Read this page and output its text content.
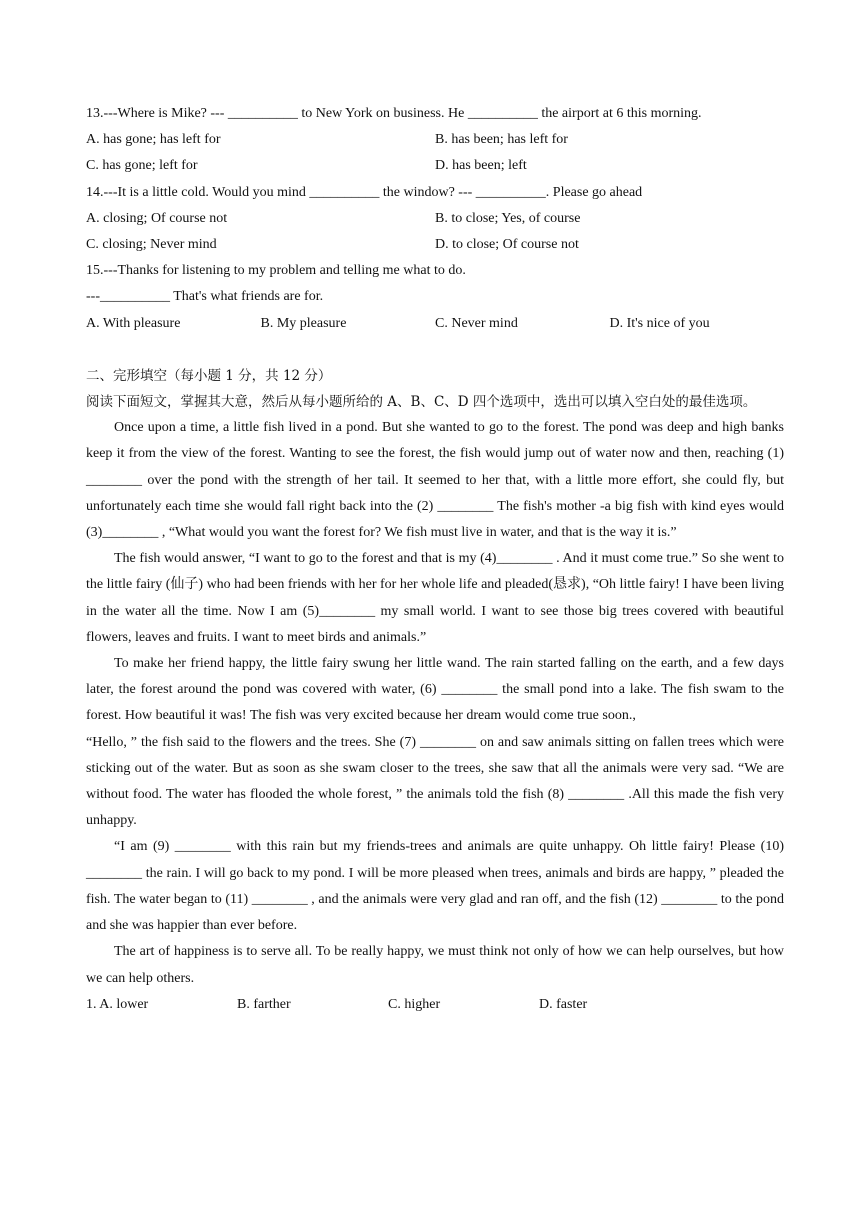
13.---Where is Mike? --- __________ to New York on business. He __________ the airport at 6 this morning.
A. has gone; has left for	B. has been; has left for
C. has gone; left for	D. has been; left
14.---It is a little cold. Would you mind __________ the window? --- __________. Please go ahead
A. closing; Of course not	B. to close; Yes, of course
C. closing; Never mind	D. to close; Of course not
15.---Thanks for listening to my problem and telling me what to do.
---__________ That's what friends are for.
A. With pleasure	B. My pleasure	C. Never mind	D. It's nice of you
二、完形填空（每小题 1 分，共 12 分）
阅读下面短文，掌握其大意，然后从每小题所给的 A、B、C、D 四个选项中，选出可以填入空白处的最佳选项。

Once upon a time, a little fish lived in a pond. But she wanted to go to the forest. The pond was deep and high banks keep it from the view of the forest. Wanting to see the forest, the fish would jump out of water now and then, reaching (1) ________ over the pond with the strength of her tail. It seemed to her that, with a little more effort, she could fly, but unfortunately each time she would fall right back into the (2) ________ The fish's mother -a big fish with kind eyes would (3)________ , “What would you want the forest for? We fish must live in water, and that is the way it is.”

The fish would answer, “I want to go to the forest and that is my (4)________ . And it must come true.” So she went to the little fairy (仙子) who had been friends with her for her whole life and pleaded(恳求), “Oh little fairy! I have been living in the water all the time. Now I am (5)________ my small world. I want to see those big trees covered with beautiful flowers, leaves and fruits. I want to meet birds and animals.”

To make her friend happy, the little fairy swung her little wand. The rain started falling on the earth, and a few days later, the forest around the pond was covered with water, (6) ________ the small pond into a lake. The fish swam to the forest. How beautiful it was! The fish was very excited because her dream would come true soon.,

“Hello, ” the fish said to the flowers and the trees. She (7) ________ on and saw animals sitting on fallen trees which were sticking out of the water. But as soon as she swam closer to the trees, she saw that all the animals were very sad. “We are without food. The water has flooded the whole forest, ” the animals told the fish (8) ________ .All this made the fish very unhappy.

“I am (9) ________ with this rain but my friends-trees and animals are quite unhappy. Oh little fairy! Please (10) ________ the rain. I will go back to my pond. I will be more pleased when trees, animals and birds are happy, ” pleaded the fish. The water began to (11) ________ , and the animals were very glad and ran off, and the fish (12) ________ to the pond and she was happier than ever before.

The art of happiness is to serve all. To be really happy, we must think not only of how we can help ourselves, but how we can help others.

1. A. lower	B. farther	C. higher	D. faster
